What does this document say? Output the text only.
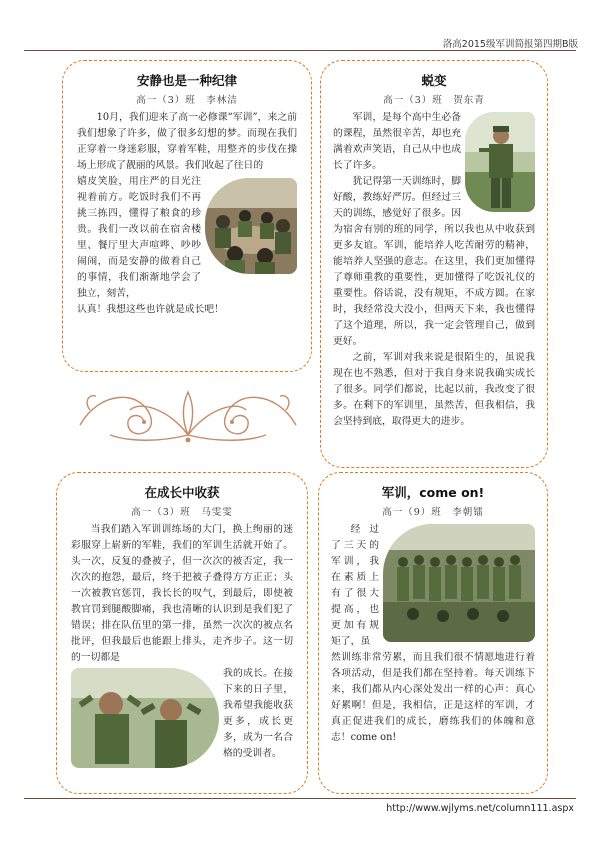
洛高2015级军训简报第四期B版
安静也是一种纪律
高一（3）班　李林洁

10月，我们迎来了高一必修课“军训”，来之前我们想象了许多，做了很多幻想的梦。而现在我们正穿着一身迷彩服，穿着军鞋，用整齐的步伐在操场上形成了靓丽的风景。我们收起了往日的

嬉皮笑脸，用庄严的目光注视着前方。吃饭时我们不再挑三拣四，懂得了粮食的珍贵。我们一改以前在宿舍楼里、餐厅里大声喧哗、吵吵闹闹，而是安静的做着自己的事情，我们渐渐地学会了独立，刻苦，

认真！我想这些也许就是成长吧！

蜕变
高一（3）班　贺东青

军训，是每个高中生必备的课程，虽然很辛苦，却也充满着欢声笑语，自己从中也成长了许多。

犹记得第一天训练时，脚好酸，教练好严厉。但经过三天的训练，感觉好了很多。因为宿舍有别的班的同学，所以我也从中收获到更多友谊。军训，能培养人吃苦耐劳的精神，能培养人坚强的意志。在这里，我们更加懂得了尊师重教的重要性，更加懂得了吃饭礼仪的重要性。俗话说，没有规矩，不成方圆。在家时，我经常没大没小，但两天下来，我也懂得了这个道理，所以，我一定会管理自己，做到更好。

之前，军训对我来说是很陌生的，虽说我现在也不熟悉，但对于我自身来说我确实成长了很多。同学们都说，比起以前，我改变了很多。在剩下的军训里，虽然苦，但我相信，我会坚持到底，取得更大的进步。

在成长中收获
高一（3）班　马雯雯

当我们踏入军训训练场的大门，换上绚丽的迷彩服穿上崭新的军鞋，我们的军训生活就开始了。头一次，反复的叠被子，但一次次的被否定，我一次次的抱怨，最后，终于把被子叠得方方正正；头一次被教官惩罚，我长长的叹气，到最后，即使被教官罚到腿酸脚痛，我也清晰的认识到是我们犯了错误；排在队伍里的第一排，虽然一次次的被点名批评，但我最后也能跟上排头，走齐步子。这一切的一切都是

我的成长。在接下来的日子里，我希望我能收获更多，成长更多，成为一名合格的受训者。

军训，come on!
高一（9）班　李朝镭

经过了三天的军训，我在素质上有了很大提高，也更加有规矩了，虽

然训练非常劳累，而且我们很不情愿地进行着各项活动，但是我们都在坚持着。每天训练下来，我们都从内心深处发出一样的心声：真心好累啊！但是，我相信，正是这样的军训，才真正促进我们的成长，磨练我们的体魄和意志！come on!

http://www.wjlyms.net/column111.aspx
